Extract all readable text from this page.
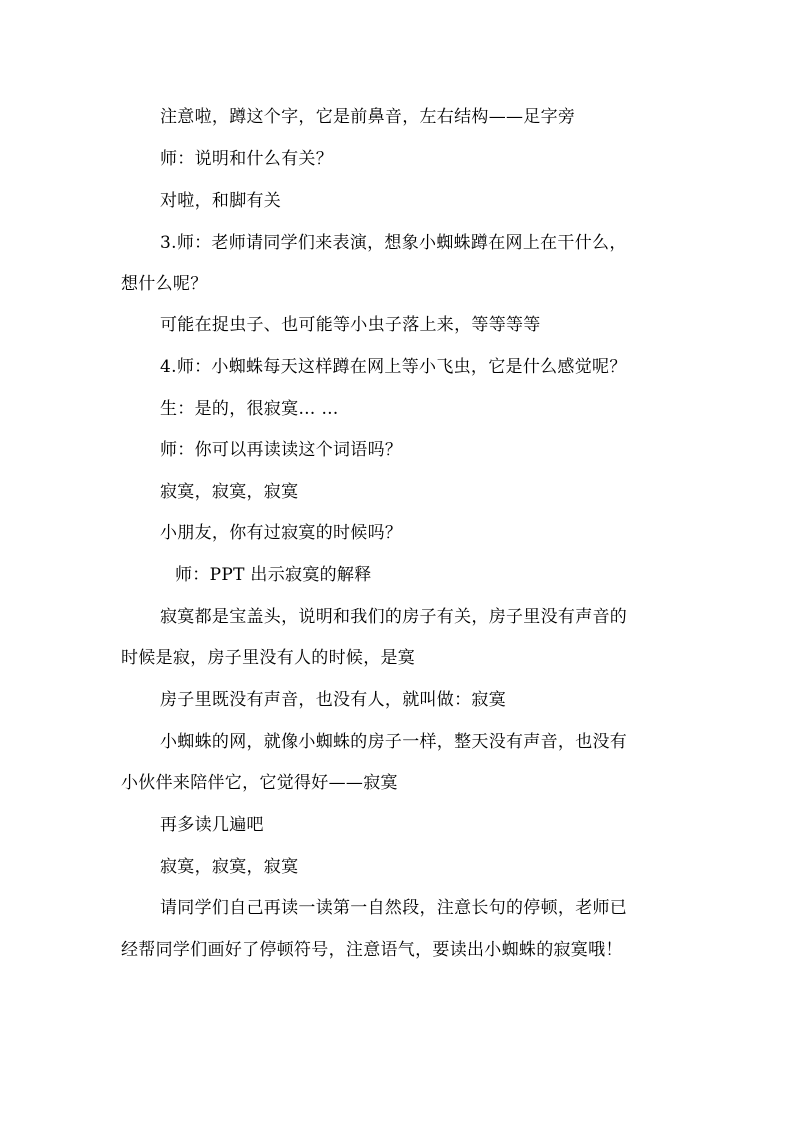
注意啦，蹲这个字，它是前鼻音，左右结构——足字旁
师：说明和什么有关？
对啦，和脚有关
3.师：老师请同学们来表演，想象小蜘蛛蹲在网上在干什么，
想什么呢？
可能在捉虫子、也可能等小虫子落上来，等等等等
4.师：小蜘蛛每天这样蹲在网上等小飞虫，它是什么感觉呢？
生：是的，很寂寞… …
师：你可以再读读这个词语吗？
寂寞，寂寞，寂寞
小朋友，你有过寂寞的时候吗？
师：PPT 出示寂寞的解释
寂寞都是宝盖头，说明和我们的房子有关，房子里没有声音的
时候是寂，房子里没有人的时候，是寞
房子里既没有声音，也没有人，就叫做：寂寞
小蜘蛛的网，就像小蜘蛛的房子一样，整天没有声音，也没有
小伙伴来陪伴它，它觉得好——寂寞
再多读几遍吧
寂寞，寂寞，寂寞
请同学们自己再读一读第一自然段，注意长句的停顿，老师已
经帮同学们画好了停顿符号，注意语气，要读出小蜘蛛的寂寞哦！
